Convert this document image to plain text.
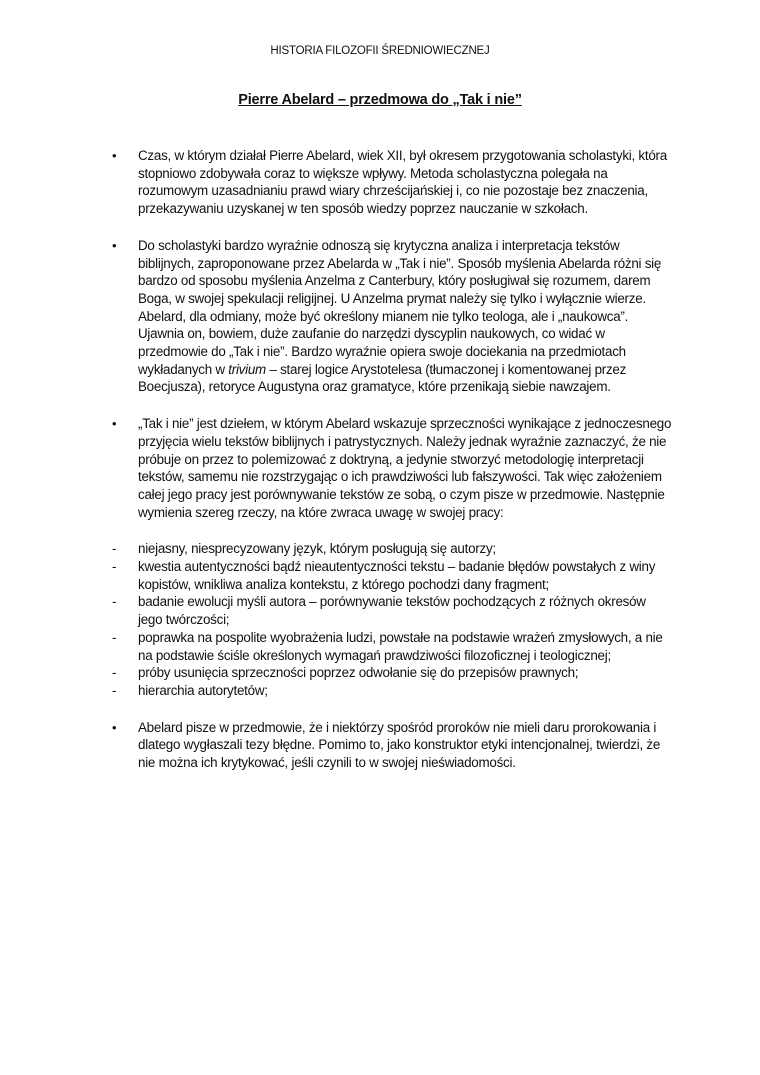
HISTORIA FILOZOFII ŚREDNIOWIECZNEJ
Pierre Abelard – przedmowa do „Tak i nie”
• Czas, w którym działał Pierre Abelard, wiek XII, był okresem przygotowania scholastyki, która stopniowo zdobywała coraz to większe wpływy. Metoda scholastyczna polegała na rozumowym uzasadnianiu prawd wiary chrześcijańskiej i, co nie pozostaje bez znaczenia, przekazywaniu uzyskanej w ten sposób wiedzy poprzez nauczanie w szkołach.
• Do scholastyki bardzo wyraźnie odnoszą się krytyczna analiza i interpretacja tekstów biblijnych, zaproponowane przez Abelarda w „Tak i nie”. Sposób myślenia Abelarda różni się bardzo od sposobu myślenia Anzelma z Canterbury, który posługiwał się rozumem, darem Boga, w swojej spekulacji religijnej. U Anzelma prymat należy się tylko i wyłącznie wierze. Abelard, dla odmiany, może być określony mianem nie tylko teologa, ale i „naukowca”. Ujawnia on, bowiem, duże zaufanie do narzędzi dyscyplin naukowych, co widać w przedmowie do „Tak i nie”. Bardzo wyraźnie opiera swoje dociekania na przedmiotach wykładanych w trivium – starej logice Arystotelesa (tłumaczonej i komentowanej przez Boecjusza), retoryce Augustyna oraz gramatyce, które przenikają siebie nawzajem.
• „Tak i nie” jest dziełem, w którym Abelard wskazuje sprzeczności wynikające z jednoczesnego przyjęcia wielu tekstów biblijnych i patrystycznych. Należy jednak wyraźnie zaznaczyć, że nie próbuje on przez to polemizować z doktryną, a jedynie stworzyć metodologię interpretacji tekstów, samemu nie rozstrzygając o ich prawdziwości lub fałszywości. Tak więc założeniem całej jego pracy jest porównywanie tekstów ze sobą, o czym pisze w przedmowie. Następnie wymienia szereg rzeczy, na które zwraca uwagę w swojej pracy:
- niejasny, niesprecyzowany język, którym posługują się autorzy;
- kwestia autentyczności bądź nieautentyczności tekstu – badanie błędów powstałych z winy kopistów, wnikliwa analiza kontekstu, z którego pochodzi dany fragment;
- badanie ewolucji myśli autora – porównywanie tekstów pochodzących z różnych okresów jego twórczości;
- poprawka na pospolite wyobrażenia ludzi, powstałe na podstawie wrażeń zmysłowych, a nie na podstawie ściśle określonych wymagań prawdziwości filozoficznej i teologicznej;
- próby usunięcia sprzeczności poprzez odwołanie się do przepisów prawnych;
- hierarchia autorytetów;
• Abelard pisze w przedmowie, że i niektórzy spośród proroków nie mieli daru prorokowania i dlatego wygłaszali tezy błędne. Pomimo to, jako konstruktor etyki intencjonalnej, twierdzi, że nie można ich krytykować, jeśli czynili to w swojej nieświadomości.
